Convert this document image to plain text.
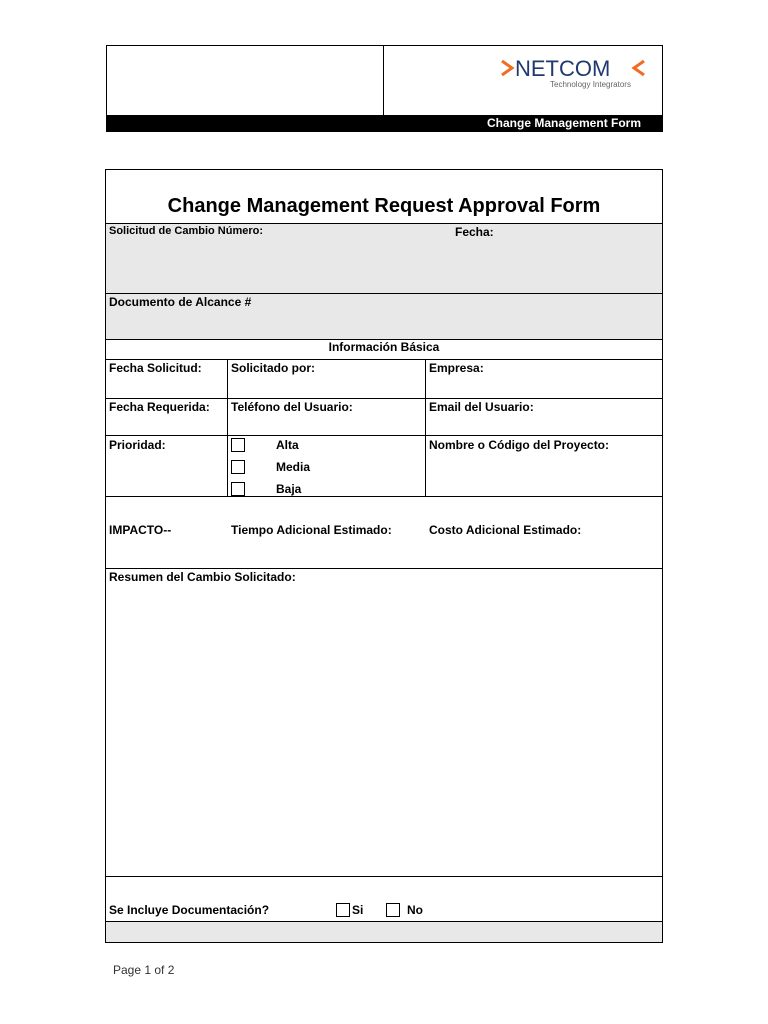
NETCOM
Technology Integrators
Change Management Form
Change Management Request Approval Form
Solicitud de Cambio Número:	Fecha:
Documento de Alcance #
Información Básica
Fecha Solicitud: Solicitado por:	Empresa:
Fecha Requerida: Teléfono del Usuario:	Email del Usuario:
Prioridad:	Alta
Media
Baja
Nombre o Código del Proyecto:
IMPACTO--	Tiempo Adicional Estimado:	Costo Adicional Estimado:
Resumen del Cambio Solicitado:
Se Incluye Documentación?	Si	No
Page 1 of 2
